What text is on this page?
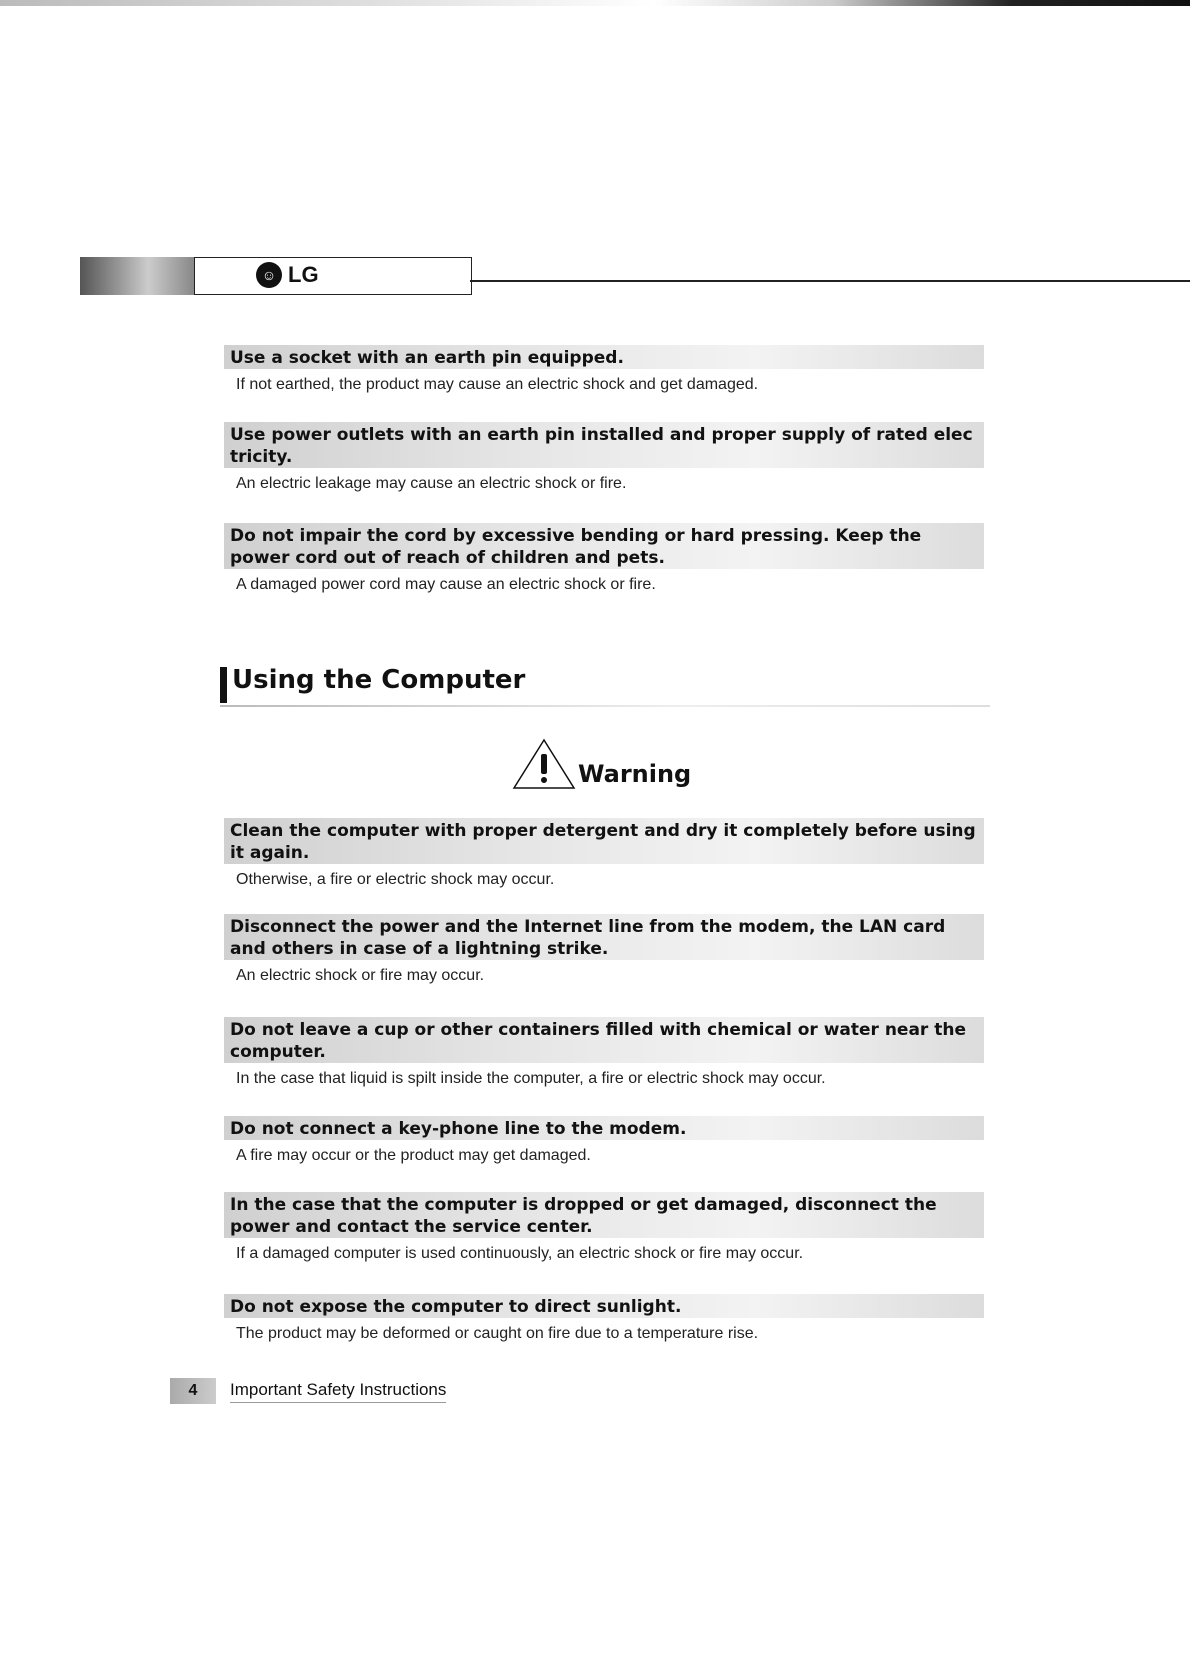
☺ LG
Use a socket with an earth pin equipped.
If not earthed, the product may cause an electric shock and get damaged.
Use power outlets with an earth pin installed and proper supply of rated elec tricity.
An electric leakage may cause an electric shock or fire.
Do not impair the cord by excessive bending or hard pressing. Keep the power cord out of reach of children and pets.
A damaged power cord may cause an electric shock or fire.
Using the Computer
Warning
Clean the computer with proper detergent and dry it completely before using it again.
Otherwise, a fire or electric shock may occur.
Disconnect the power and the Internet line from the modem, the LAN card and others in case of a lightning strike.
An electric shock or fire may occur.
Do not leave a cup or other containers filled with chemical or water near the computer.
In the case that liquid is spilt inside the computer, a fire or electric shock may occur.
Do not connect a key-phone line to the modem.
A fire may occur or the product may get damaged.
In the case that the computer is dropped or get damaged, disconnect the power and contact the service center.
If a damaged computer is used continuously, an electric shock or fire may occur.
Do not expose the computer to direct sunlight.
The product may be deformed or caught on fire due to a temperature rise.
4	Important Safety Instructions
